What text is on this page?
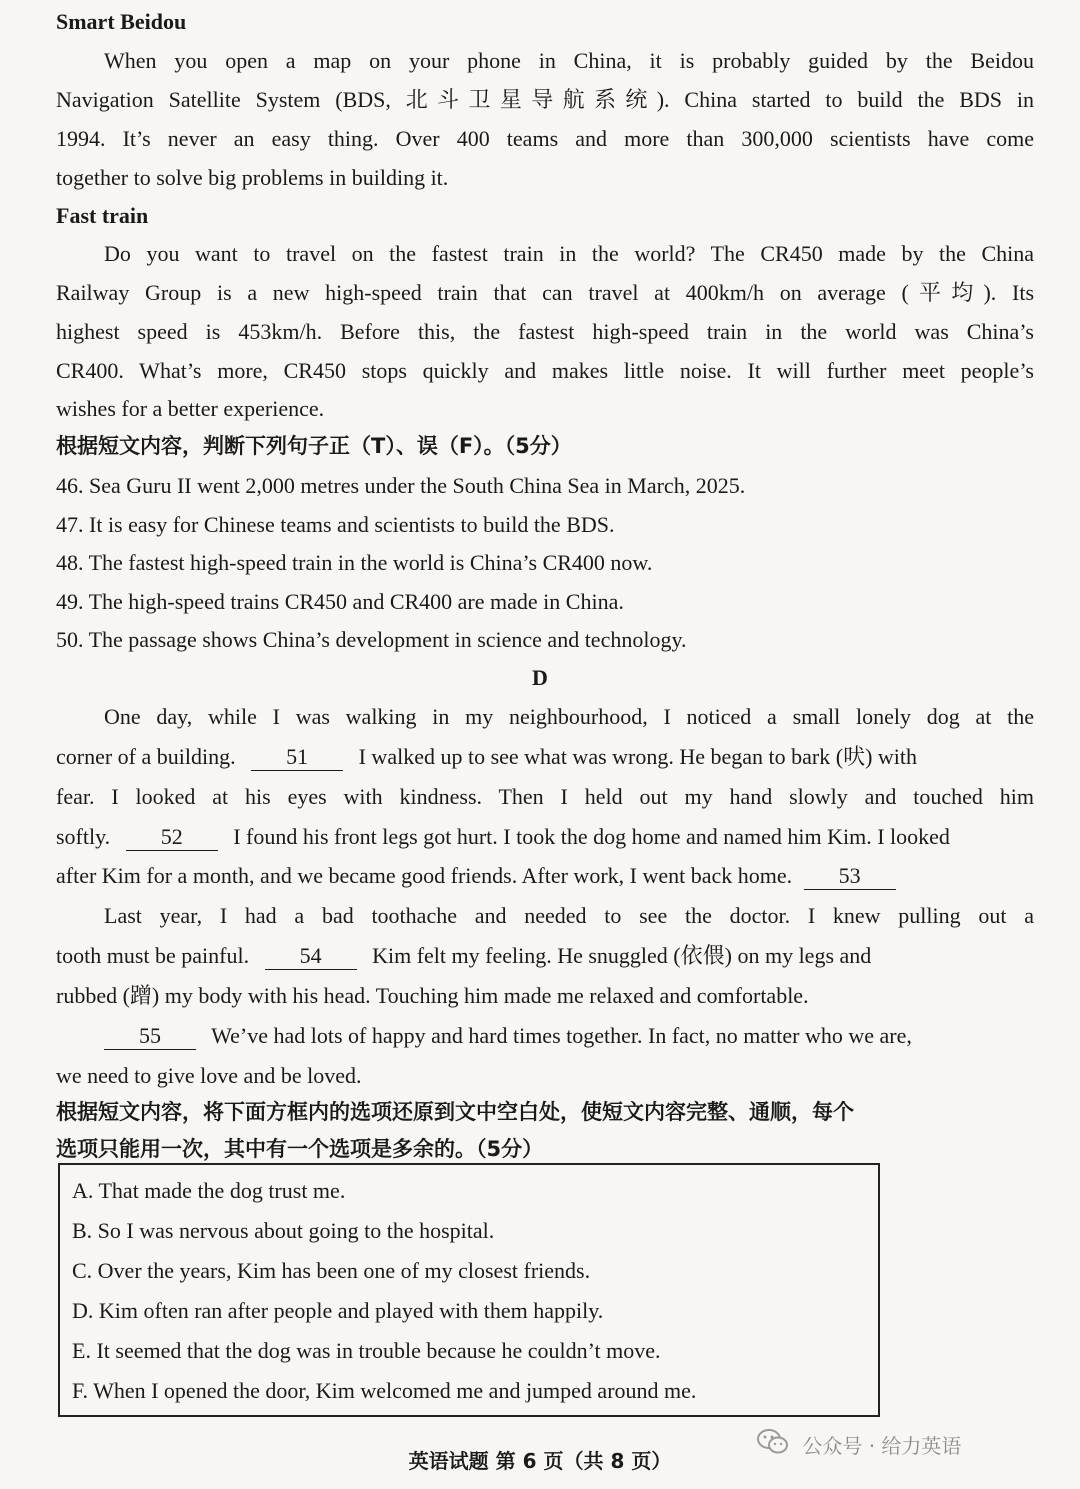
Smart Beidou
When you open a map on your phone in China, it is probably guided by the Beidou
Navigation Satellite System (BDS, 北斗卫星导航系统). China started to build the BDS in
1994. It’s never an easy thing. Over 400 teams and more than 300,000 scientists have come
together to solve big problems in building it.
Fast train
Do you want to travel on the fastest train in the world? The CR450 made by the China
Railway Group is a new high-speed train that can travel at 400km/h on average (平均). Its
highest speed is 453km/h. Before this, the fastest high-speed train in the world was China’s
CR400. What’s more, CR450 stops quickly and makes little noise. It will further meet people’s
wishes for a better experience.
根据短文内容，判断下列句子正（T）、误（F）。（5分）
46. Sea Guru II went 2,000 metres under the South China Sea in March, 2025.
47. It is easy for Chinese teams and scientists to build the BDS.
48. The fastest high-speed train in the world is China’s CR400 now.
49. The high-speed trains CR450 and CR400 are made in China.
50. The passage shows China’s development in science and technology.
D
One day, while I was walking in my neighbourhood, I noticed a small lonely dog at the
corner of a building. 51 I walked up to see what was wrong. He began to bark (吠) with
fear. I looked at his eyes with kindness. Then I held out my hand slowly and touched him
softly. 52 I found his front legs got hurt. I took the dog home and named him Kim. I looked
after Kim for a month, and we became good friends. After work, I went back home. 53
Last year, I had a bad toothache and needed to see the doctor. I knew pulling out a
tooth must be painful. 54 Kim felt my feeling. He snuggled (依偎) on my legs and
rubbed (蹭) my body with his head. Touching him made me relaxed and comfortable.
55 We’ve had lots of happy and hard times together. In fact, no matter who we are,
we need to give love and be loved.
根据短文内容，将下面方框内的选项还原到文中空白处，使短文内容完整、通顺，每个
选项只能用一次，其中有一个选项是多余的。（5分）
A. That made the dog trust me.
B. So I was nervous about going to the hospital.
C. Over the years, Kim has been one of my closest friends.
D. Kim often ran after people and played with them happily.
E. It seemed that the dog was in trouble because he couldn’t move.
F. When I opened the door, Kim welcomed me and jumped around me.
英语试题 第 6 页（共 8 页）
公众号 · 给力英语
